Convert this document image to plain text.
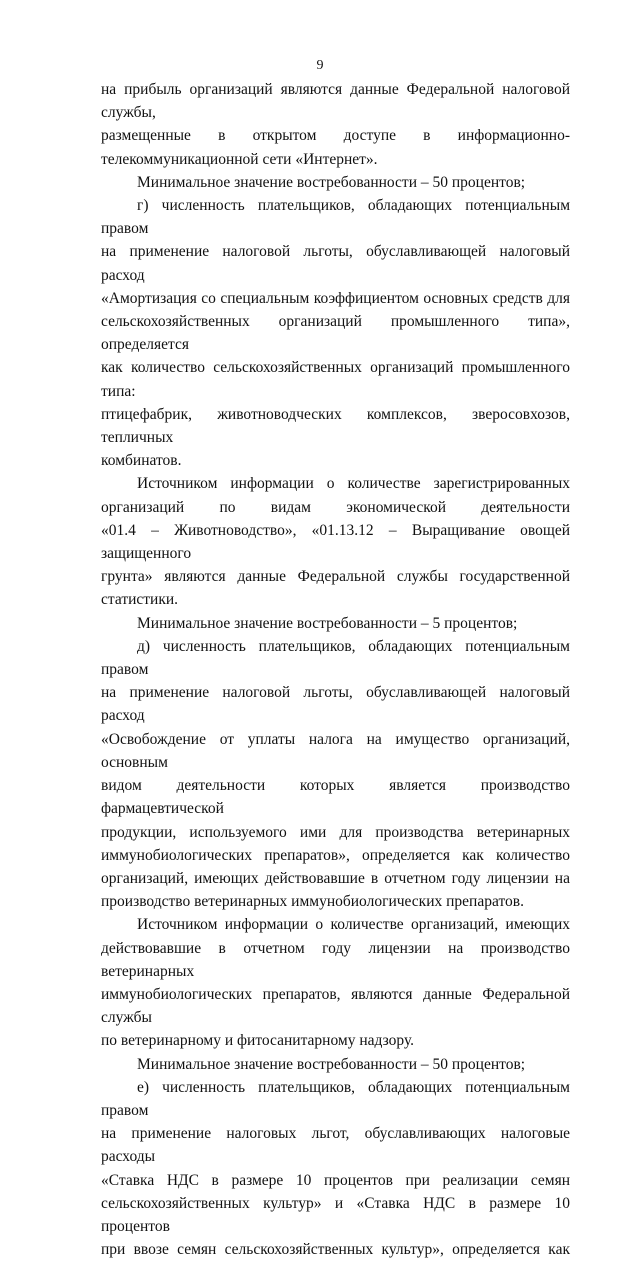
9

на прибыль организаций являются данные Федеральной налоговой службы,
размещенные в открытом доступе в информационно-
телекоммуникационной сети «Интернет».

Минимальное значение востребованности – 50 процентов;

г) численность плательщиков, обладающих потенциальным правом
на применение налоговой льготы, обуславливающей налоговый расход
«Амортизация со специальным коэффициентом основных средств для
сельскохозяйственных организаций промышленного типа», определяется
как количество сельскохозяйственных организаций промышленного типа:
птицефабрик, животноводческих комплексов, зверосовхозов, тепличных
комбинатов.

Источником информации о количестве зарегистрированных
организаций по видам экономической деятельности
«01.4 – Животноводство», «01.13.12 – Выращивание овощей защищенного
грунта» являются данные Федеральной службы государственной
статистики.

Минимальное значение востребованности – 5 процентов;

д) численность плательщиков, обладающих потенциальным правом
на применение налоговой льготы, обуславливающей налоговый расход
«Освобождение от уплаты налога на имущество организаций, основным
видом деятельности которых является производство фармацевтической
продукции, используемого ими для производства ветеринарных
иммунобиологических препаратов», определяется как количество
организаций, имеющих действовавшие в отчетном году лицензии на
производство ветеринарных иммунобиологических препаратов.

Источником информации о количестве организаций, имеющих
действовавшие в отчетном году лицензии на производство ветеринарных
иммунобиологических препаратов, являются данные Федеральной службы
по ветеринарному и фитосанитарному надзору.

Минимальное значение востребованности – 50 процентов;

е) численность плательщиков, обладающих потенциальным правом
на применение налоговых льгот, обуславливающих налоговые расходы
«Ставка НДС в размере 10 процентов при реализации семян
сельскохозяйственных культур» и «Ставка НДС в размере 10 процентов
при ввозе семян сельскохозяйственных культур», определяется как
